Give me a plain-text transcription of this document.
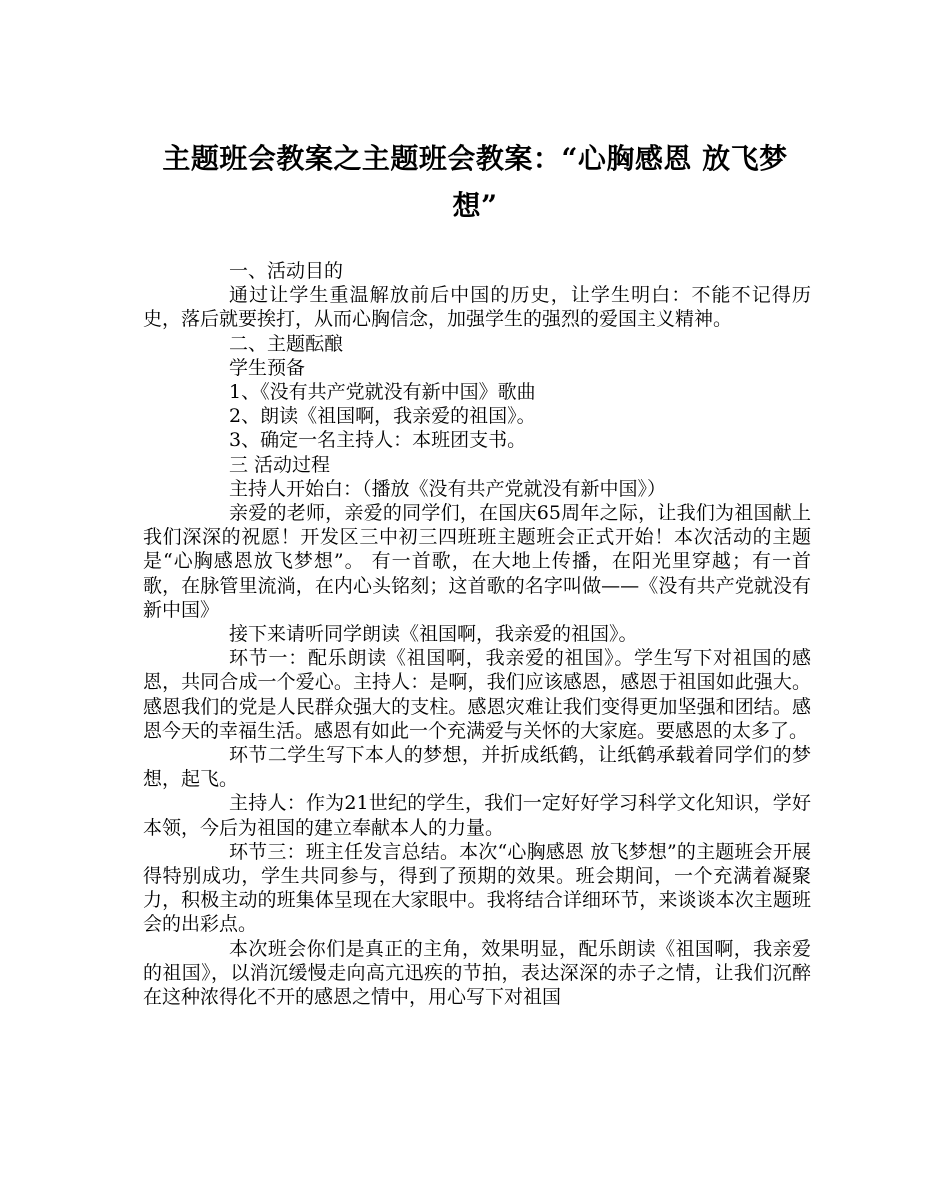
主题班会教案之主题班会教案：“心胸感恩 放飞梦想”

一、活动目的

通过让学生重温解放前后中国的历史，让学生明白：不能不记得历史，落后就要挨打，从而心胸信念，加强学生的强烈的爱国主义精神。

二、主题酝酿

学生预备

1、《没有共产党就没有新中国》歌曲

2、朗读《祖国啊，我亲爱的祖国》。

3、确定一名主持人：本班团支书。

三 活动过程

主持人开始白：（播放《没有共产党就没有新中国》）

亲爱的老师，亲爱的同学们，在国庆65周年之际，让我们为祖国献上我们深深的祝愿！开发区三中初三四班班主题班会正式开始！本次活动的主题是“心胸感恩放飞梦想”。 有一首歌，在大地上传播，在阳光里穿越；有一首歌，在脉管里流淌，在内心头铭刻；这首歌的名字叫做——《没有共产党就没有新中国》

接下来请听同学朗读《祖国啊，我亲爱的祖国》。

环节一：配乐朗读《祖国啊，我亲爱的祖国》。学生写下对祖国的感恩，共同合成一个爱心。主持人：是啊，我们应该感恩，感恩于祖国如此强大。感恩我们的党是人民群众强大的支柱。感恩灾难让我们变得更加坚强和团结。感恩今天的幸福生活。感恩有如此一个充满爱与关怀的大家庭。要感恩的太多了。

环节二学生写下本人的梦想，并折成纸鹤，让纸鹤承载着同学们的梦想，起飞。

主持人：作为21世纪的学生，我们一定好好学习科学文化知识，学好本领，今后为祖国的建立奉献本人的力量。

环节三：班主任发言总结。本次“心胸感恩 放飞梦想”的主题班会开展得特别成功，学生共同参与，得到了预期的效果。班会期间，一个充满着凝聚力，积极主动的班集体呈现在大家眼中。我将结合详细环节，来谈谈本次主题班会的出彩点。

本次班会你们是真正的主角，效果明显，配乐朗读《祖国啊，我亲爱的祖国》，以消沉缓慢走向高亢迅疾的节拍，表达深深的赤子之情，让我们沉醉在这种浓得化不开的感恩之情中，用心写下对祖国
